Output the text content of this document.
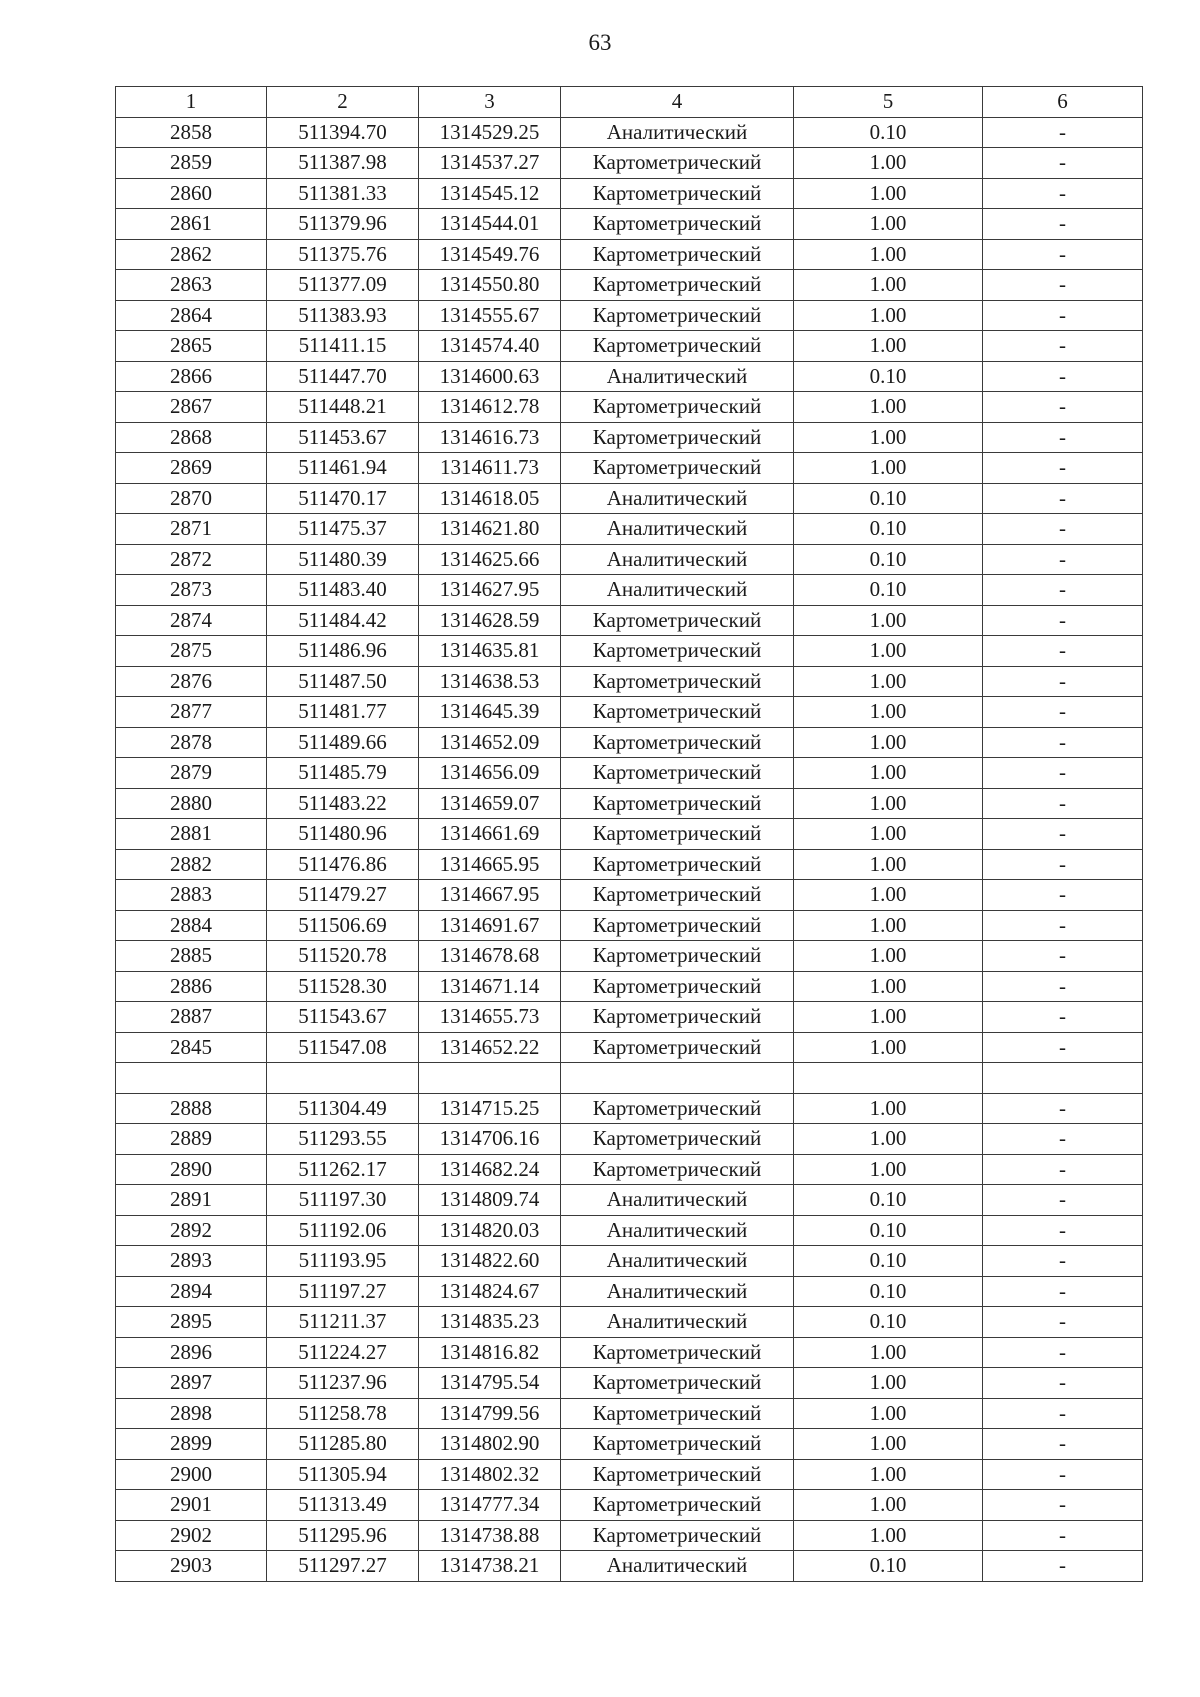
63
1	2	3	4	5	6
2858	511394.70	1314529.25	Аналитический	0.10	-
2859	511387.98	1314537.27	Картометрический	1.00	-
2860	511381.33	1314545.12	Картометрический	1.00	-
2861	511379.96	1314544.01	Картометрический	1.00	-
2862	511375.76	1314549.76	Картометрический	1.00	-
2863	511377.09	1314550.80	Картометрический	1.00	-
2864	511383.93	1314555.67	Картометрический	1.00	-
2865	511411.15	1314574.40	Картометрический	1.00	-
2866	511447.70	1314600.63	Аналитический	0.10	-
2867	511448.21	1314612.78	Картометрический	1.00	-
2868	511453.67	1314616.73	Картометрический	1.00	-
2869	511461.94	1314611.73	Картометрический	1.00	-
2870	511470.17	1314618.05	Аналитический	0.10	-
2871	511475.37	1314621.80	Аналитический	0.10	-
2872	511480.39	1314625.66	Аналитический	0.10	-
2873	511483.40	1314627.95	Аналитический	0.10	-
2874	511484.42	1314628.59	Картометрический	1.00	-
2875	511486.96	1314635.81	Картометрический	1.00	-
2876	511487.50	1314638.53	Картометрический	1.00	-
2877	511481.77	1314645.39	Картометрический	1.00	-
2878	511489.66	1314652.09	Картометрический	1.00	-
2879	511485.79	1314656.09	Картометрический	1.00	-
2880	511483.22	1314659.07	Картометрический	1.00	-
2881	511480.96	1314661.69	Картометрический	1.00	-
2882	511476.86	1314665.95	Картометрический	1.00	-
2883	511479.27	1314667.95	Картометрический	1.00	-
2884	511506.69	1314691.67	Картометрический	1.00	-
2885	511520.78	1314678.68	Картометрический	1.00	-
2886	511528.30	1314671.14	Картометрический	1.00	-
2887	511543.67	1314655.73	Картометрический	1.00	-
2845	511547.08	1314652.22	Картометрический	1.00	-

2888	511304.49	1314715.25	Картометрический	1.00	-
2889	511293.55	1314706.16	Картометрический	1.00	-
2890	511262.17	1314682.24	Картометрический	1.00	-
2891	511197.30	1314809.74	Аналитический	0.10	-
2892	511192.06	1314820.03	Аналитический	0.10	-
2893	511193.95	1314822.60	Аналитический	0.10	-
2894	511197.27	1314824.67	Аналитический	0.10	-
2895	511211.37	1314835.23	Аналитический	0.10	-
2896	511224.27	1314816.82	Картометрический	1.00	-
2897	511237.96	1314795.54	Картометрический	1.00	-
2898	511258.78	1314799.56	Картометрический	1.00	-
2899	511285.80	1314802.90	Картометрический	1.00	-
2900	511305.94	1314802.32	Картометрический	1.00	-
2901	511313.49	1314777.34	Картометрический	1.00	-
2902	511295.96	1314738.88	Картометрический	1.00	-
2903	511297.27	1314738.21	Аналитический	0.10	-
